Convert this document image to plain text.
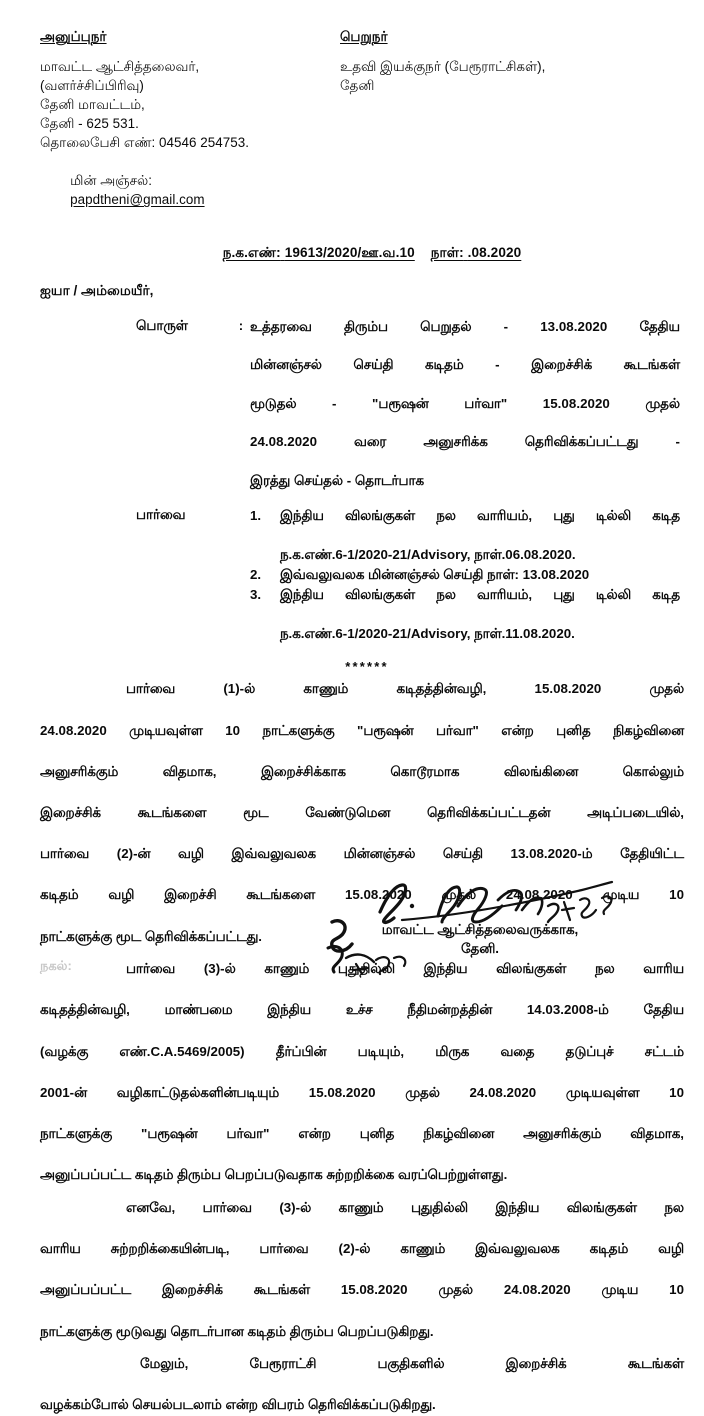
அனுப்புநர்
மாவட்ட ஆட்சித்தலைவர்,
(வளர்ச்சிப்பிரிவு)
தேனி மாவட்டம்,
தேனி - 625 531.
தொலைபேசி எண்: 04546 254753.

மின் அஞ்சல்:
papdtheni@gmail.com

பெறுநர்
உதவி இயக்குநர் (பேரூராட்சிகள்),
தேனி
ந.க.எண்: 19613/2020/ஊ.வ.10 நாள்: .08.2020
ஐயா / அம்மையீர்,
பொருள்	: உத்தரவை திரும்ப பெறுதல் - 13.08.2020 தேதிய
மின்னஞ்சல் செய்தி கடிதம் - இறைச்சிக் கூடங்கள்
மூடுதல் - "பரூஷன் பர்வா" 15.08.2020 முதல்
24.08.2020 வரை அனுசரிக்க தெரிவிக்கப்பட்டது -
இரத்து செய்தல் - தொடர்பாக
பார்வை	1.	இந்திய விலங்குகள் நல வாரியம், புது டில்லி கடித
ந.க.எண்.6-1/2020-21/Advisory, நாள்.06.08.2020.
2.	இவ்வலுவலக மின்னஞ்சல் செய்தி நாள்: 13.08.2020
3.	இந்திய விலங்குகள் நல வாரியம், புது டில்லி கடித
ந.க.எண்.6-1/2020-21/Advisory, நாள்.11.08.2020.
******
பார்வை (1)-ல் காணும் கடிதத்தின்வழி, 15.08.2020 முதல்
24.08.2020 முடியவுள்ள 10 நாட்களுக்கு "பரூஷன் பர்வா" என்ற புனித நிகழ்வினை
அனுசரிக்கும் விதமாக, இறைச்சிக்காக கொடூரமாக விலங்கினை கொல்லும்
இறைச்சிக் கூடங்களை மூட வேண்டுமென தெரிவிக்கப்பட்டதன் அடிப்படையில்,
பார்வை (2)-ன் வழி இவ்வலுவலக மின்னஞ்சல் செய்தி 13.08.2020-ம் தேதியிட்ட
கடிதம் வழி இறைச்சி கூடங்களை 15.08.2020 முதல் 24.08.2020 முடிய 10
நாட்களுக்கு மூட தெரிவிக்கப்பட்டது.
பார்வை (3)-ல் காணும் புதுதில்லி இந்திய விலங்குகள் நல வாரிய
கடிதத்தின்வழி, மாண்பமை இந்திய உச்ச நீதிமன்றத்தின் 14.03.2008-ம் தேதிய
(வழக்கு எண்.C.A.5469/2005) தீர்ப்பின் படியும், மிருக வதை தடுப்புச் சட்டம்
2001-ன் வழிகாட்டுதல்களின்படியும் 15.08.2020 முதல் 24.08.2020 முடியவுள்ள 10
நாட்களுக்கு "பரூஷன் பர்வா" என்ற புனித நிகழ்வினை அனுசரிக்கும் விதமாக,
அனுப்பப்பட்ட கடிதம் திரும்ப பெறப்படுவதாக சுற்றறிக்கை வரப்பெற்றுள்ளது.
எனவே, பார்வை (3)-ல் காணும் புதுதில்லி இந்திய விலங்குகள் நல
வாரிய சுற்றறிக்கையின்படி, பார்வை (2)-ல் காணும் இவ்வலுவலக கடிதம் வழி
அனுப்பப்பட்ட இறைச்சிக் கூடங்கள் 15.08.2020 முதல் 24.08.2020 முடிய 10
நாட்களுக்கு மூடுவது தொடர்பான கடிதம் திரும்ப பெறப்படுகிறது.
மேலும், பேரூராட்சி பகுதிகளில் இறைச்சிக் கூடங்கள்
வழக்கம்போல் செயல்படலாம் என்ற விபரம் தெரிவிக்கப்படுகிறது.
மாவட்ட ஆட்சித்தலைவருக்காக,
தேனி.
நகல்:
